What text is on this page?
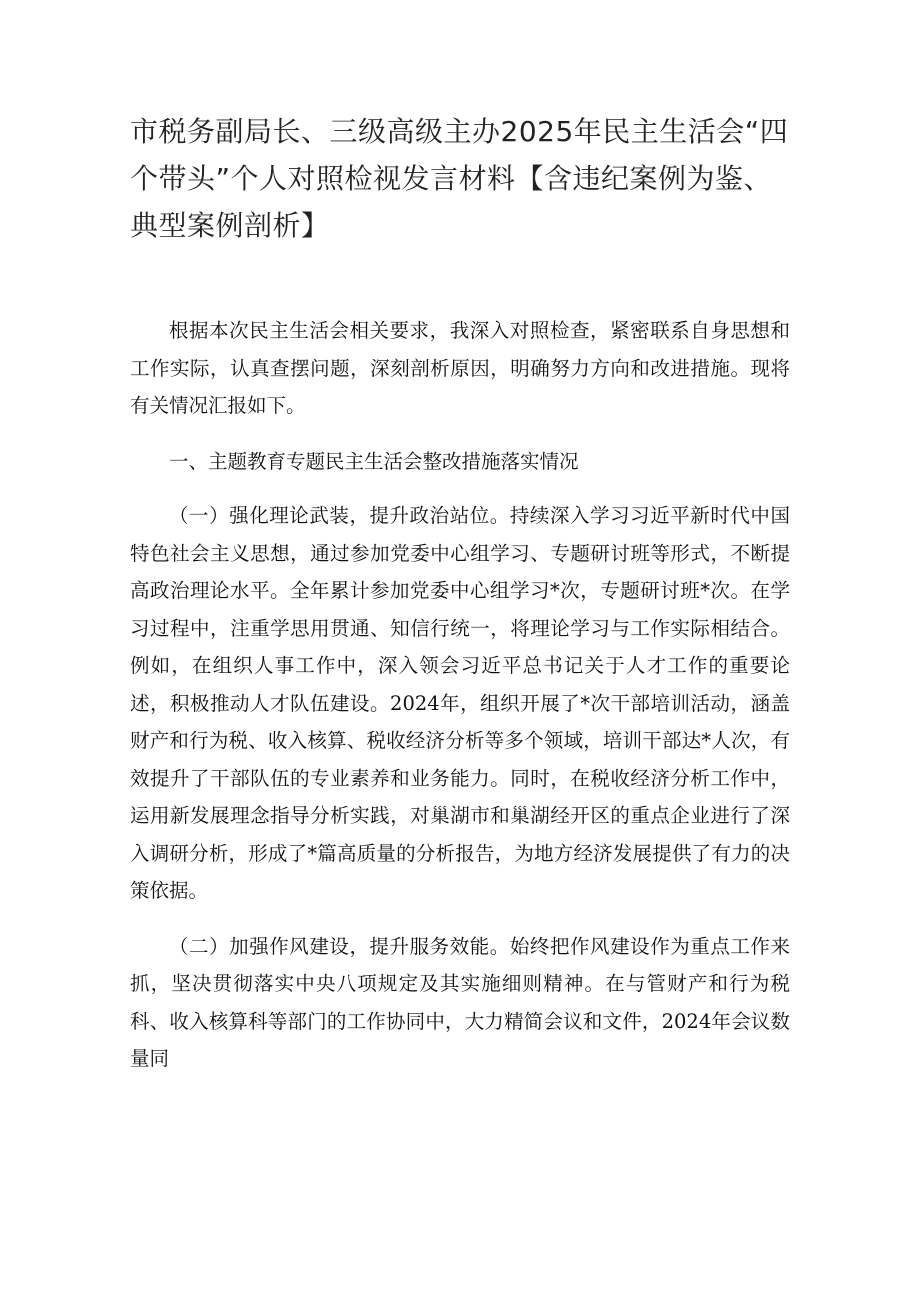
市税务副局长、三级高级主办2025年民主生活会“四个带头”个人对照检视发言材料【含违纪案例为鉴、典型案例剖析】

根据本次民主生活会相关要求，我深入对照检查，紧密联系自身思想和工作实际，认真查摆问题，深刻剖析原因，明确努力方向和改进措施。现将有关情况汇报如下。

一、主题教育专题民主生活会整改措施落实情况

（一）强化理论武装，提升政治站位。持续深入学习习近平新时代中国特色社会主义思想，通过参加党委中心组学习、专题研讨班等形式，不断提高政治理论水平。全年累计参加党委中心组学习*次，专题研讨班*次。在学习过程中，注重学思用贯通、知信行统一，将理论学习与工作实际相结合。例如，在组织人事工作中，深入领会习近平总书记关于人才工作的重要论述，积极推动人才队伍建设。2024年，组织开展了*次干部培训活动，涵盖财产和行为税、收入核算、税收经济分析等多个领域，培训干部达*人次，有效提升了干部队伍的专业素养和业务能力。同时，在税收经济分析工作中，运用新发展理念指导分析实践，对巢湖市和巢湖经开区的重点企业进行了深入调研分析，形成了*篇高质量的分析报告，为地方经济发展提供了有力的决策依据。

（二）加强作风建设，提升服务效能。始终把作风建设作为重点工作来抓，坚决贯彻落实中央八项规定及其实施细则精神。在与管财产和行为税科、收入核算科等部门的工作协同中，大力精简会议和文件，2024年会议数量同
